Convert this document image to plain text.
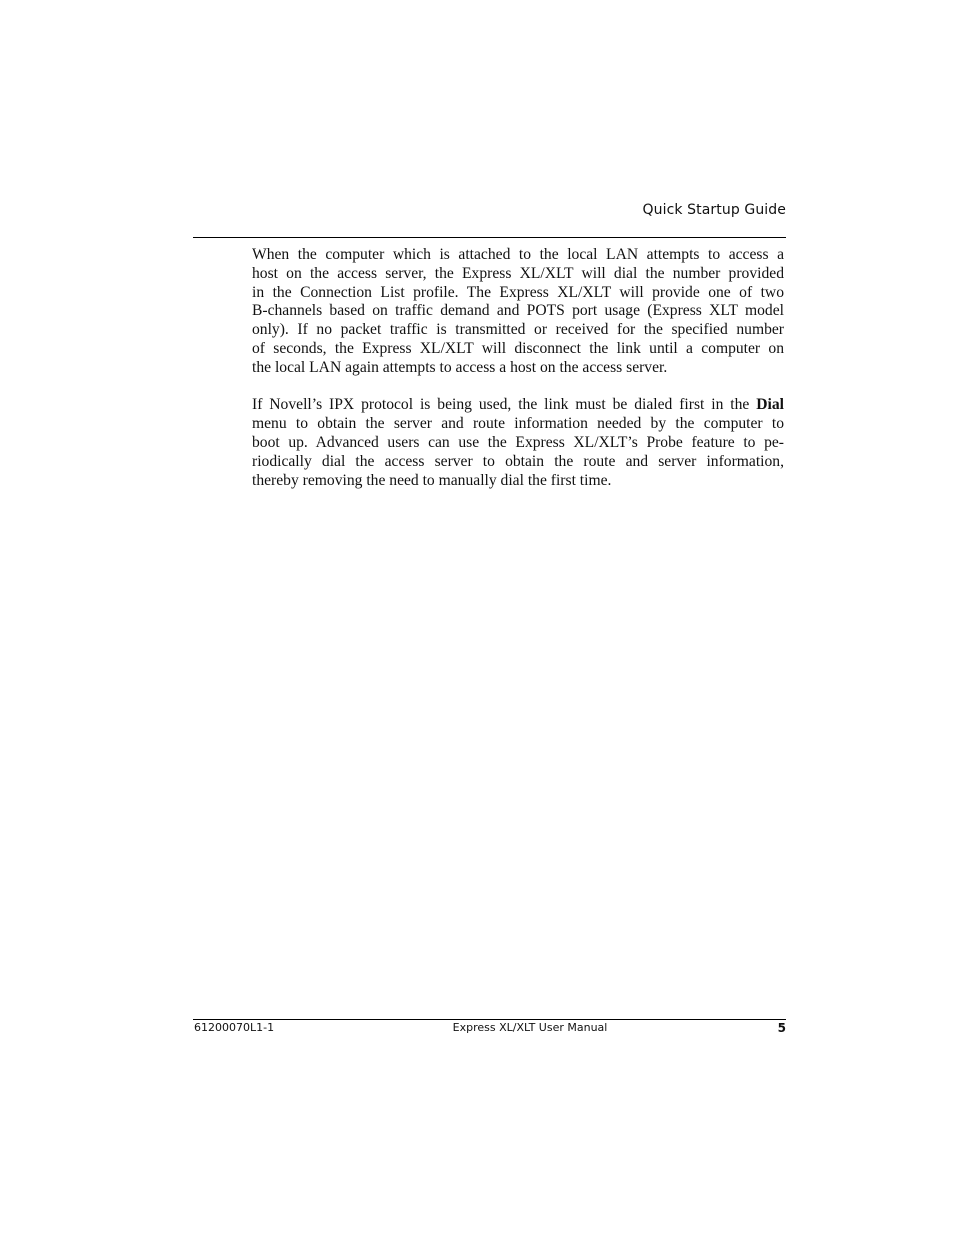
Quick Startup Guide

When the computer which is attached to the local LAN attempts to access a
host on the access server, the Express XL/XLT will dial the number provided
in the Connection List profile. The Express XL/XLT will provide one of two
B-channels based on traffic demand and POTS port usage (Express XLT model
only). If no packet traffic is transmitted or received for the specified number
of seconds, the Express XL/XLT will disconnect the link until a computer on
the local LAN again attempts to access a host on the access server.

If Novell’s IPX protocol is being used, the link must be dialed first in the Dial
menu to obtain the server and route information needed by the computer to
boot up. Advanced users can use the Express XL/XLT’s Probe feature to pe-
riodically dial the access server to obtain the route and server information,
thereby removing the need to manually dial the first time.

61200070L1-1	Express XL/XLT User Manual	5
